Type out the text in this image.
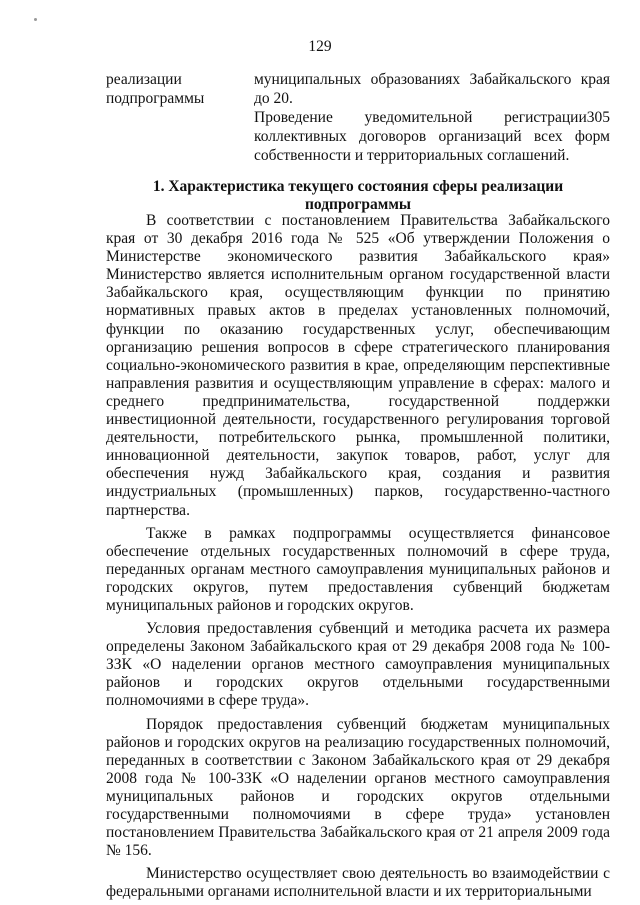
129
реализации подпрограммы

муниципальных образованиях Забайкальского края до 20.

Проведение уведомительной регистрации305 коллективных договоров организаций всех форм собственности и территориальных соглашений.

1. Характеристика текущего состояния сферы реализации подпрограммы

В соответствии с постановлением Правительства Забайкальского края от 30 декабря 2016 года № 525 «Об утверждении Положения о Министерстве экономического развития Забайкальского края» Министерство является исполнительным органом государственной власти Забайкальского края, осуществляющим функции по принятию нормативных правых актов в пределах установленных полномочий, функции по оказанию государственных услуг, обеспечивающим организацию решения вопросов в сфере стратегического планирования социально-экономического развития в крае, определяющим перспективные направления развития и осуществляющим управление в сферах: малого и среднего предпринимательства, государственной поддержки инвестиционной деятельности, государственного регулирования торговой деятельности, потребительского рынка, промышленной политики, инновационной деятельности, закупок товаров, работ, услуг для обеспечения нужд Забайкальского края, создания и развития индустриальных (промышленных) парков, государственно-частного партнерства.

Также в рамках подпрограммы осуществляется финансовое обеспечение отдельных государственных полномочий в сфере труда, переданных органам местного самоуправления муниципальных районов и городских округов, путем предоставления субвенций бюджетам муниципальных районов и городских округов.

Условия предоставления субвенций и методика расчета их размера определены Законом Забайкальского края от 29 декабря 2008 года № 100-ЗЗК «О наделении органов местного самоуправления муниципальных районов и городских округов отдельными государственными полномочиями в сфере труда».

Порядок предоставления субвенций бюджетам муниципальных районов и городских округов на реализацию государственных полномочий, переданных в соответствии с Законом Забайкальского края от 29 декабря 2008 года № 100-ЗЗК «О наделении органов местного самоуправления муниципальных районов и городских округов отдельными государственными полномочиями в сфере труда» установлен постановлением Правительства Забайкальского края от 21 апреля 2009 года № 156.

Министерство осуществляет свою деятельность во взаимодействии с федеральными органами исполнительной власти и их территориальными
